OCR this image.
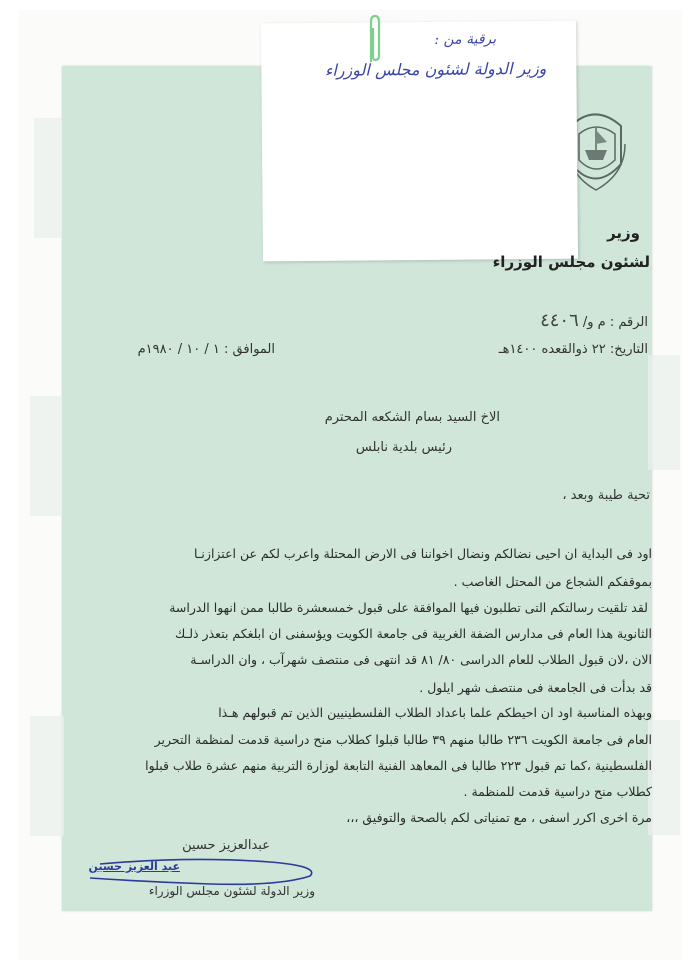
برقية من :
وزير الدولة لشئون مجلس الوزراء
وزير
لشئون مجلس الوزراء
الرقم : م و/ ٤٤٠٦
التاريخ: ٢٢ ذوالقعده ١٤٠٠هـ
الموافق : ١ / ١٠ / ١٩٨٠م
الاخ السيد بسام الشكعه المحترم
رئيس بلدية نابلس
تحية طيبة وبعد ،
اود فى البداية ان احيى نضالكم ونضال اخواننا فى الارض المحتلة واعرب لكم عن اعتزازنـا
بموقفكم الشجاع من المحتل الغاصب .
لقد تلقيت رسالتكم التى تطلبون فيها الموافقة على قبول خمسعشرة طالبا ممن انهوا الدراسة
الثانوية هذا العام فى مدارس الضفة الغربية فى جامعة الكويت ويؤسفنى ان ابلغكم بتعذر ذلـك
الان ،لان قبول الطلاب للعام الدراسى ٨٠/ ٨١ قد انتهى فى منتصف شهرآب ، وان الدراسـة
قد بدأت فى الجامعة فى منتصف شهر ايلول .
وبهذه المناسبة اود ان احيطكم علما باعداد الطلاب الفلسطينيين الذين تم قبولهم هـذا
العام فى جامعة الكويت ٢٣٦ طالبا منهم ٣٩ طالبا قبلوا كطلاب منح دراسية قدمت لمنظمة التحرير
الفلسطينية ،كما تم قبول ٢٢٣ طالبا فى المعاهد الفنية التابعة لوزارة التربية منهم عشرة طلاب قبلوا
كطلاب منح دراسية قدمت للمنظمة .
مرة اخرى اكرر اسفى ، مع تمنياتى لكم بالصحة والتوفيق ،،،
عبدالعزيز حسين
عبد العزيز حسين
وزير الدولة لشئون مجلس الوزراء
